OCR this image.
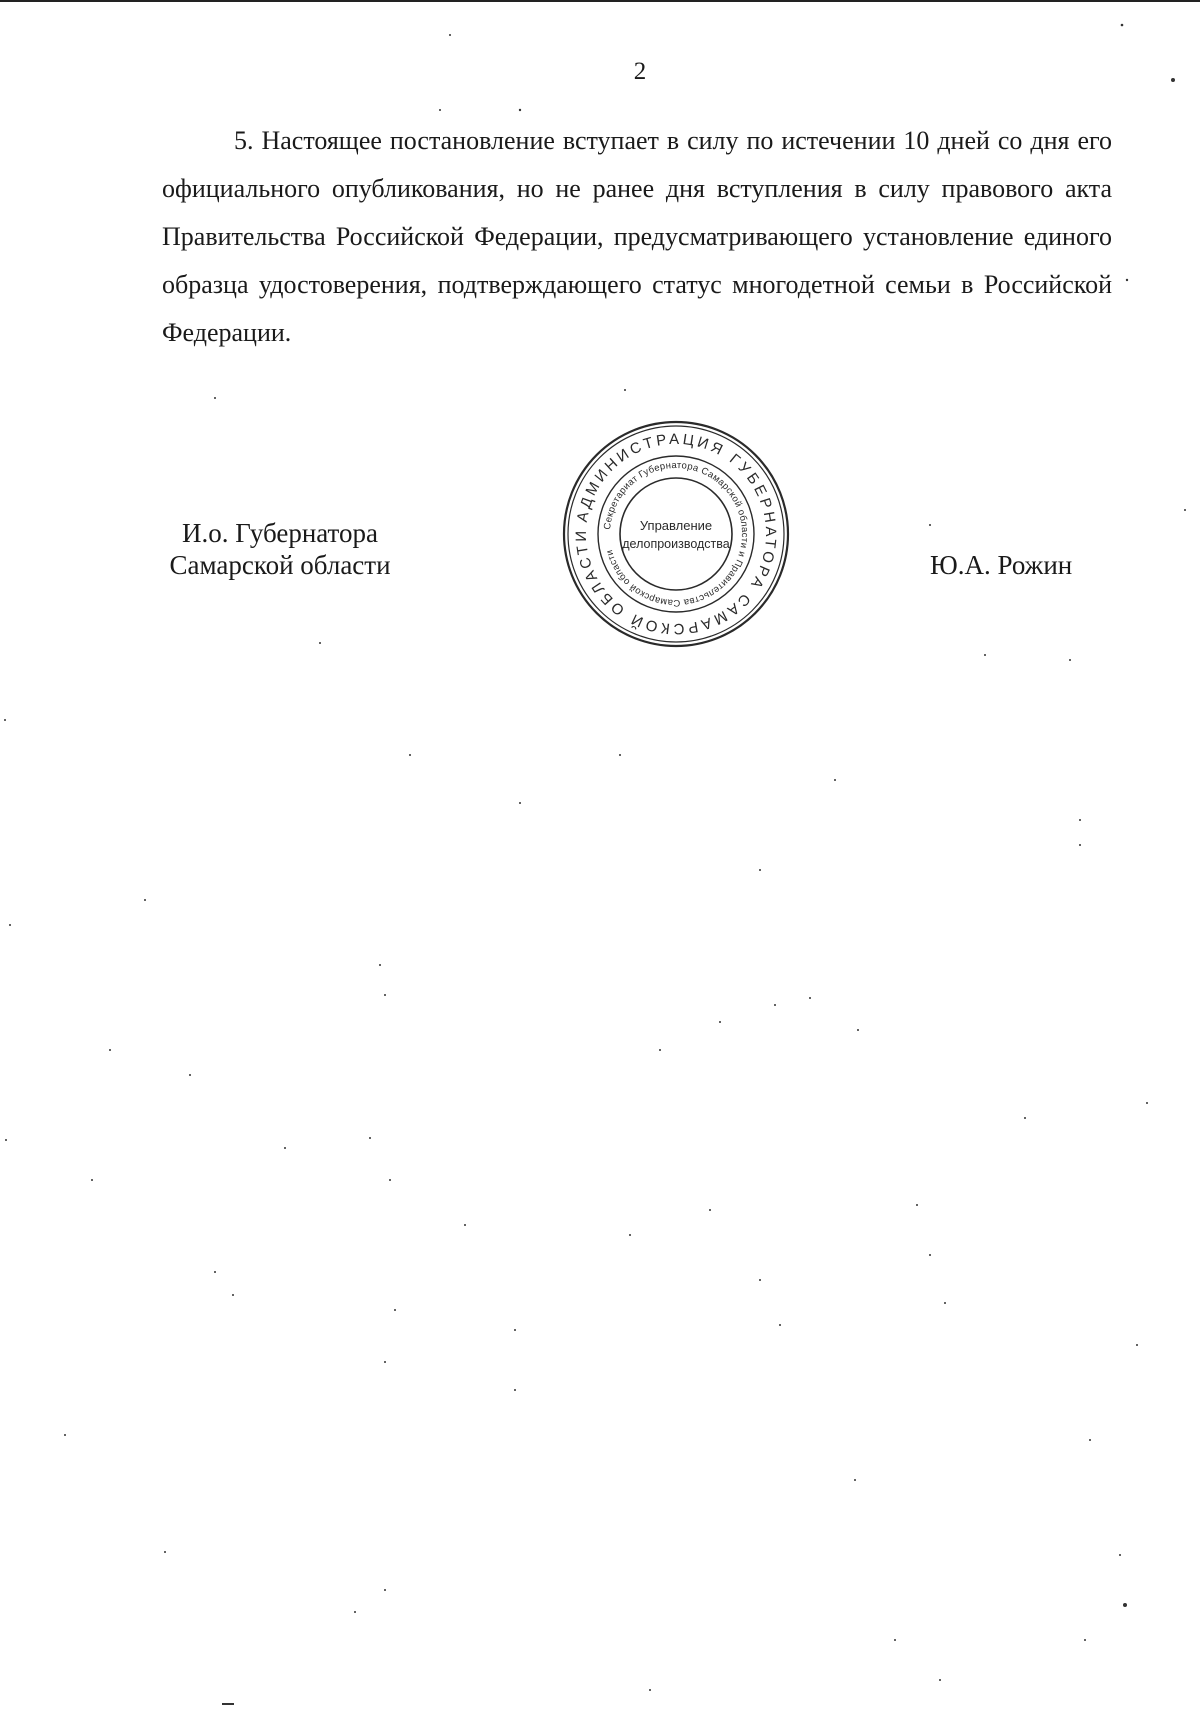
2

5. Настоящее постановление вступает в силу по истечении 10 дней со дня его официального опубликования, но не ранее дня вступления в силу правового акта Правительства Российской Федерации, предусматривающего установление единого образца удостоверения, подтверждающего статус многодетной семьи в Российской Федерации.

И.о. Губернатора
Самарской области
АДМИНИСТРАЦИЯ ГУБЕРНАТОРА САМАРСКОЙ ОБЛАСТИ
Секретариат Губернатора Самарской области и Правительства Самарской области
Управление
делопроизводства
Ю.А. Рожин
